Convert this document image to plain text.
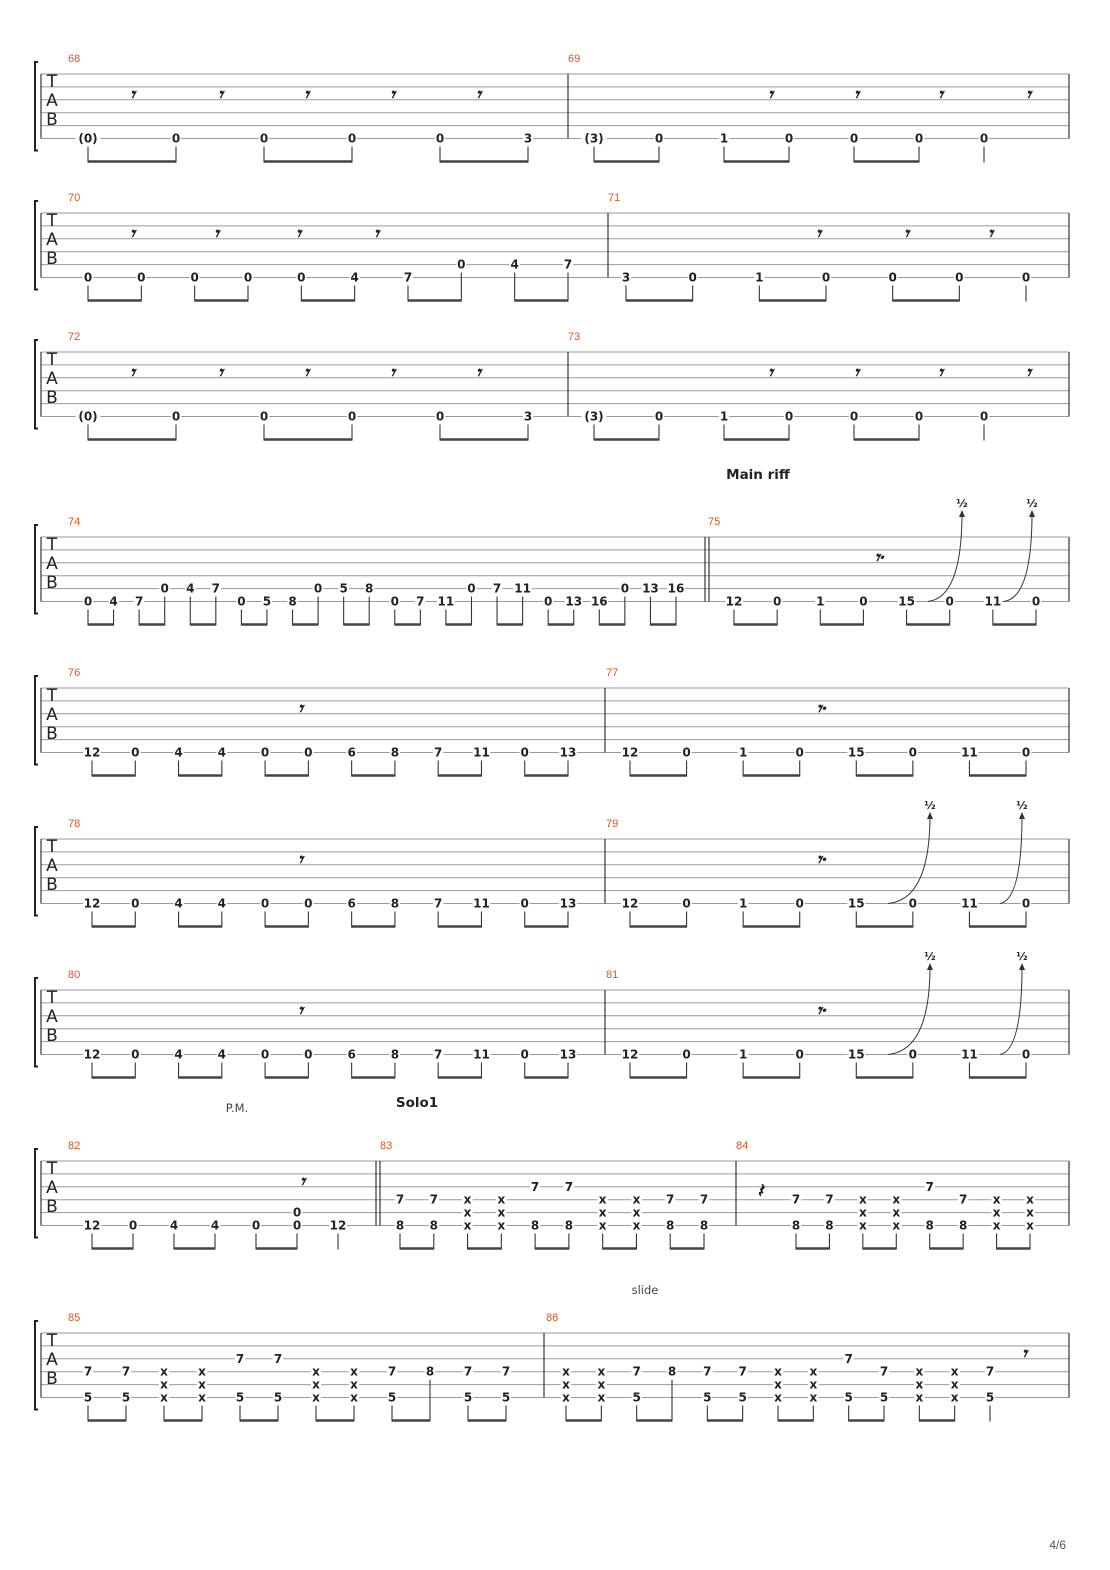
T
A
B
68
(0)	0	0	0	0	3
𝄾	𝄾	𝄾	𝄾	𝄾
69
(3)	0	1	0	0	0	0
𝄾	𝄾	𝄾	𝄾
T
A
B
70
0	0	0	0	0	4	7
0	4	7
𝄾	𝄾	𝄾	𝄾
71
3	0	1	0	0	0	0
𝄾	𝄾	𝄾
T
A
B
72
(0)	0	0	0	0	3
𝄾	𝄾	𝄾	𝄾	𝄾
73
(3)	0	1	0	0	0	0
𝄾	𝄾	𝄾	𝄾
T
A
B
Main riff
74
0 4 7
0 4 7
0 5 8
0 5 8
0 7 11
0 7 11
0 13 16
0 13 16
75
12	0	1	0	15	0	11	0
𝄾·
½	½
T
A
B
76
12	0	4	4	0	0	6	8	7	11	0	13
𝄾
77
12	0	1	0	15	0	11	0
𝄾·
T
A
B
78
12	0	4	4	0	0	6	8	7	11	0	13
𝄾
79
12	0	1	0	15	0	11	0
𝄾·
½	½
T
A
B
80
12	0	4	4	0	0	6	8	7	11	0	13
𝄾
81
12	0	1	0	15	0	11	0
𝄾·
½	½
T
A
B
Solo1
P.M.
82
12 0	4	4	0
0
0 12
𝄾
83
7
8
7
8
x
x
x
x
x
x
7
8
7
8
x
x
x
x
x
x
7
8
7
8
84
7
8
7
8
x
x
x
x
x
x
7
8
7
8
x
x
x
x
x
x
𝄽
T
A
B
slide
85
7
5
7
5
x
x
x
x
x
x
7
5
7
5
x
x
x
x
x
x
7
5
8 7
5
7
5
86
x
x
x
x
x
x
7
5
8 7
5
7
5
x
x
x
x
x
x
7
5
7
5
x
x
x
x
x
x
7
5
𝄾
4/6
